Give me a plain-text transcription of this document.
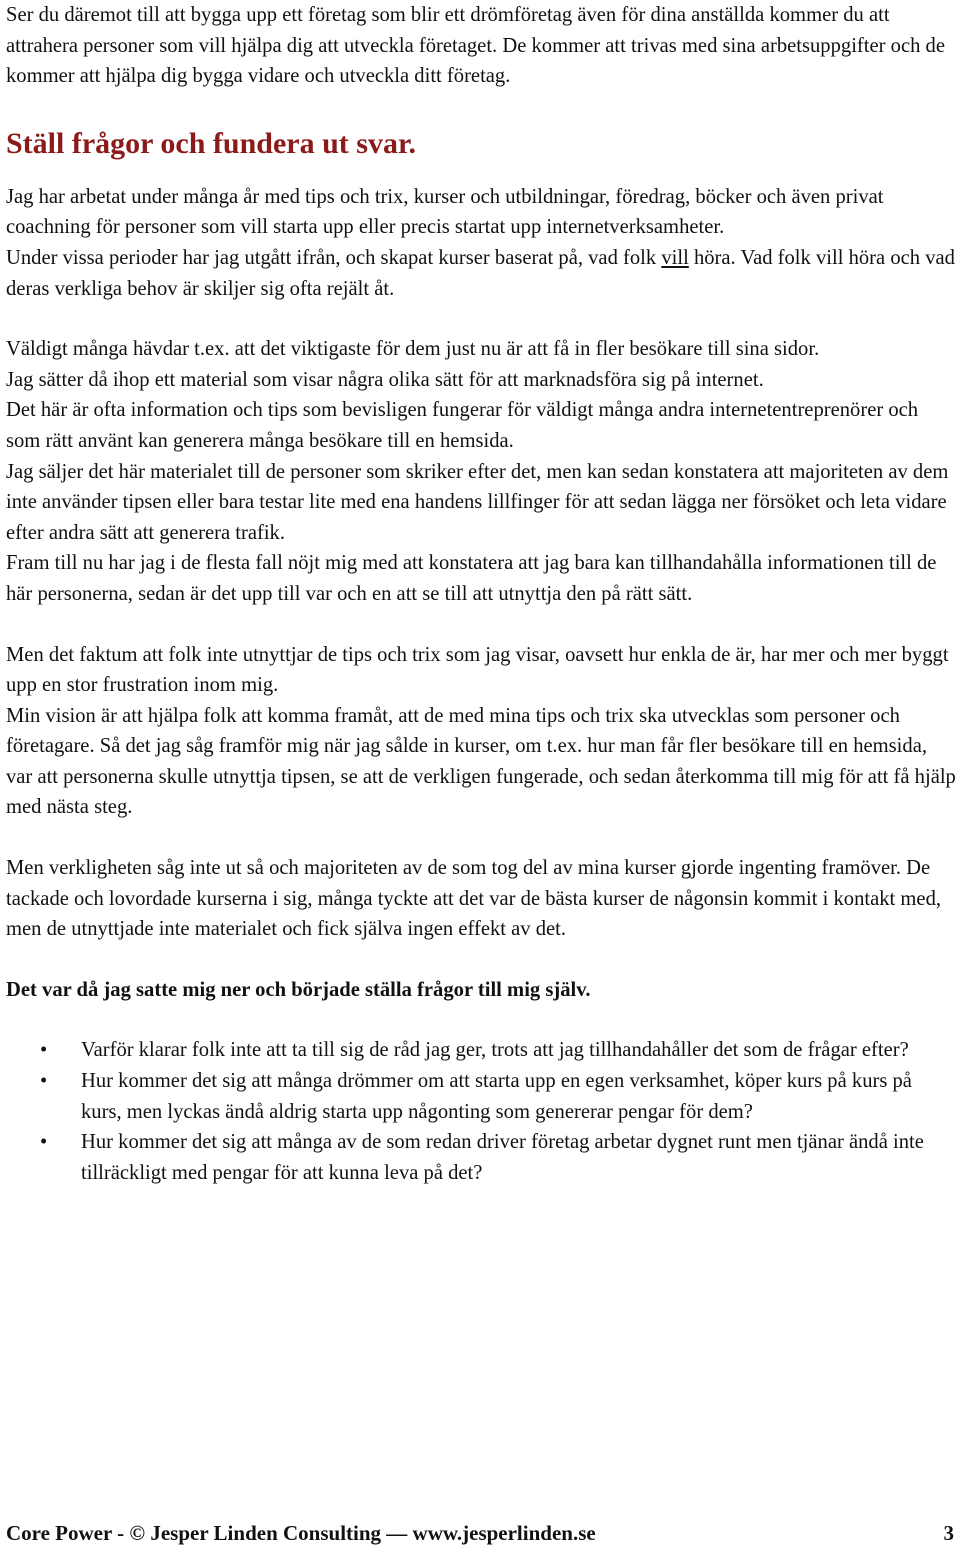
Ser du däremot till att bygga upp ett företag som blir ett drömföretag även för dina anställda kommer du att attrahera personer som vill hjälpa dig att utveckla företaget. De kommer att trivas med sina arbetsuppgifter och de kommer att hjälpa dig bygga vidare och utveckla ditt företag.

Ställ frågor och fundera ut svar.

Jag har arbetat under många år med tips och trix, kurser och utbildningar, föredrag, böcker och även privat coachning för personer som vill starta upp eller precis startat upp internetverksamheter.

Under vissa perioder har jag utgått ifrån, och skapat kurser baserat på, vad folk vill höra. Vad folk vill höra och vad deras verkliga behov är skiljer sig ofta rejält åt.

Väldigt många hävdar t.ex. att det viktigaste för dem just nu är att få in fler besökare till sina sidor.

Jag sätter då ihop ett material som visar några olika sätt för att marknadsföra sig på internet.

Det här är ofta information och tips som bevisligen fungerar för väldigt många andra internetentreprenörer och som rätt använt kan generera många besökare till en hemsida.

Jag säljer det här materialet till de personer som skriker efter det, men kan sedan konstatera att majoriteten av dem inte använder tipsen eller bara testar lite med ena handens lillfinger för att sedan lägga ner försöket och leta vidare efter andra sätt att generera trafik.

Fram till nu har jag i de flesta fall nöjt mig med att konstatera att jag bara kan tillhandahålla informationen till de här personerna, sedan är det upp till var och en att se till att utnyttja den på rätt sätt.

Men det faktum att folk inte utnyttjar de tips och trix som jag visar, oavsett hur enkla de är, har mer och mer byggt upp en stor frustration inom mig.

Min vision är att hjälpa folk att komma framåt, att de med mina tips och trix ska utvecklas som personer och företagare. Så det jag såg framför mig när jag sålde in kurser, om t.ex. hur man får fler besökare till en hemsida, var att personerna skulle utnyttja tipsen, se att de verkligen fungerade, och sedan återkomma till mig för att få hjälp med nästa steg.

Men verkligheten såg inte ut så och majoriteten av de som tog del av mina kurser gjorde ingenting framöver. De tackade och lovordade kurserna i sig, många tyckte att det var de bästa kurser de någonsin kommit i kontakt med, men de utnyttjade inte materialet och fick själva ingen effekt av det.

Det var då jag satte mig ner och började ställa frågor till mig själv.

• Varför klarar folk inte att ta till sig de råd jag ger, trots att jag tillhandahåller det som de frågar efter?
• Hur kommer det sig att många drömmer om att starta upp en egen verksamhet, köper kurs på kurs på kurs, men lyckas ändå aldrig starta upp någonting som genererar pengar för dem?
• Hur kommer det sig att många av de som redan driver företag arbetar dygnet runt men tjänar ändå inte tillräckligt med pengar för att kunna leva på det?
Core Power - © Jesper Linden Consulting — www.jesperlinden.se	3
